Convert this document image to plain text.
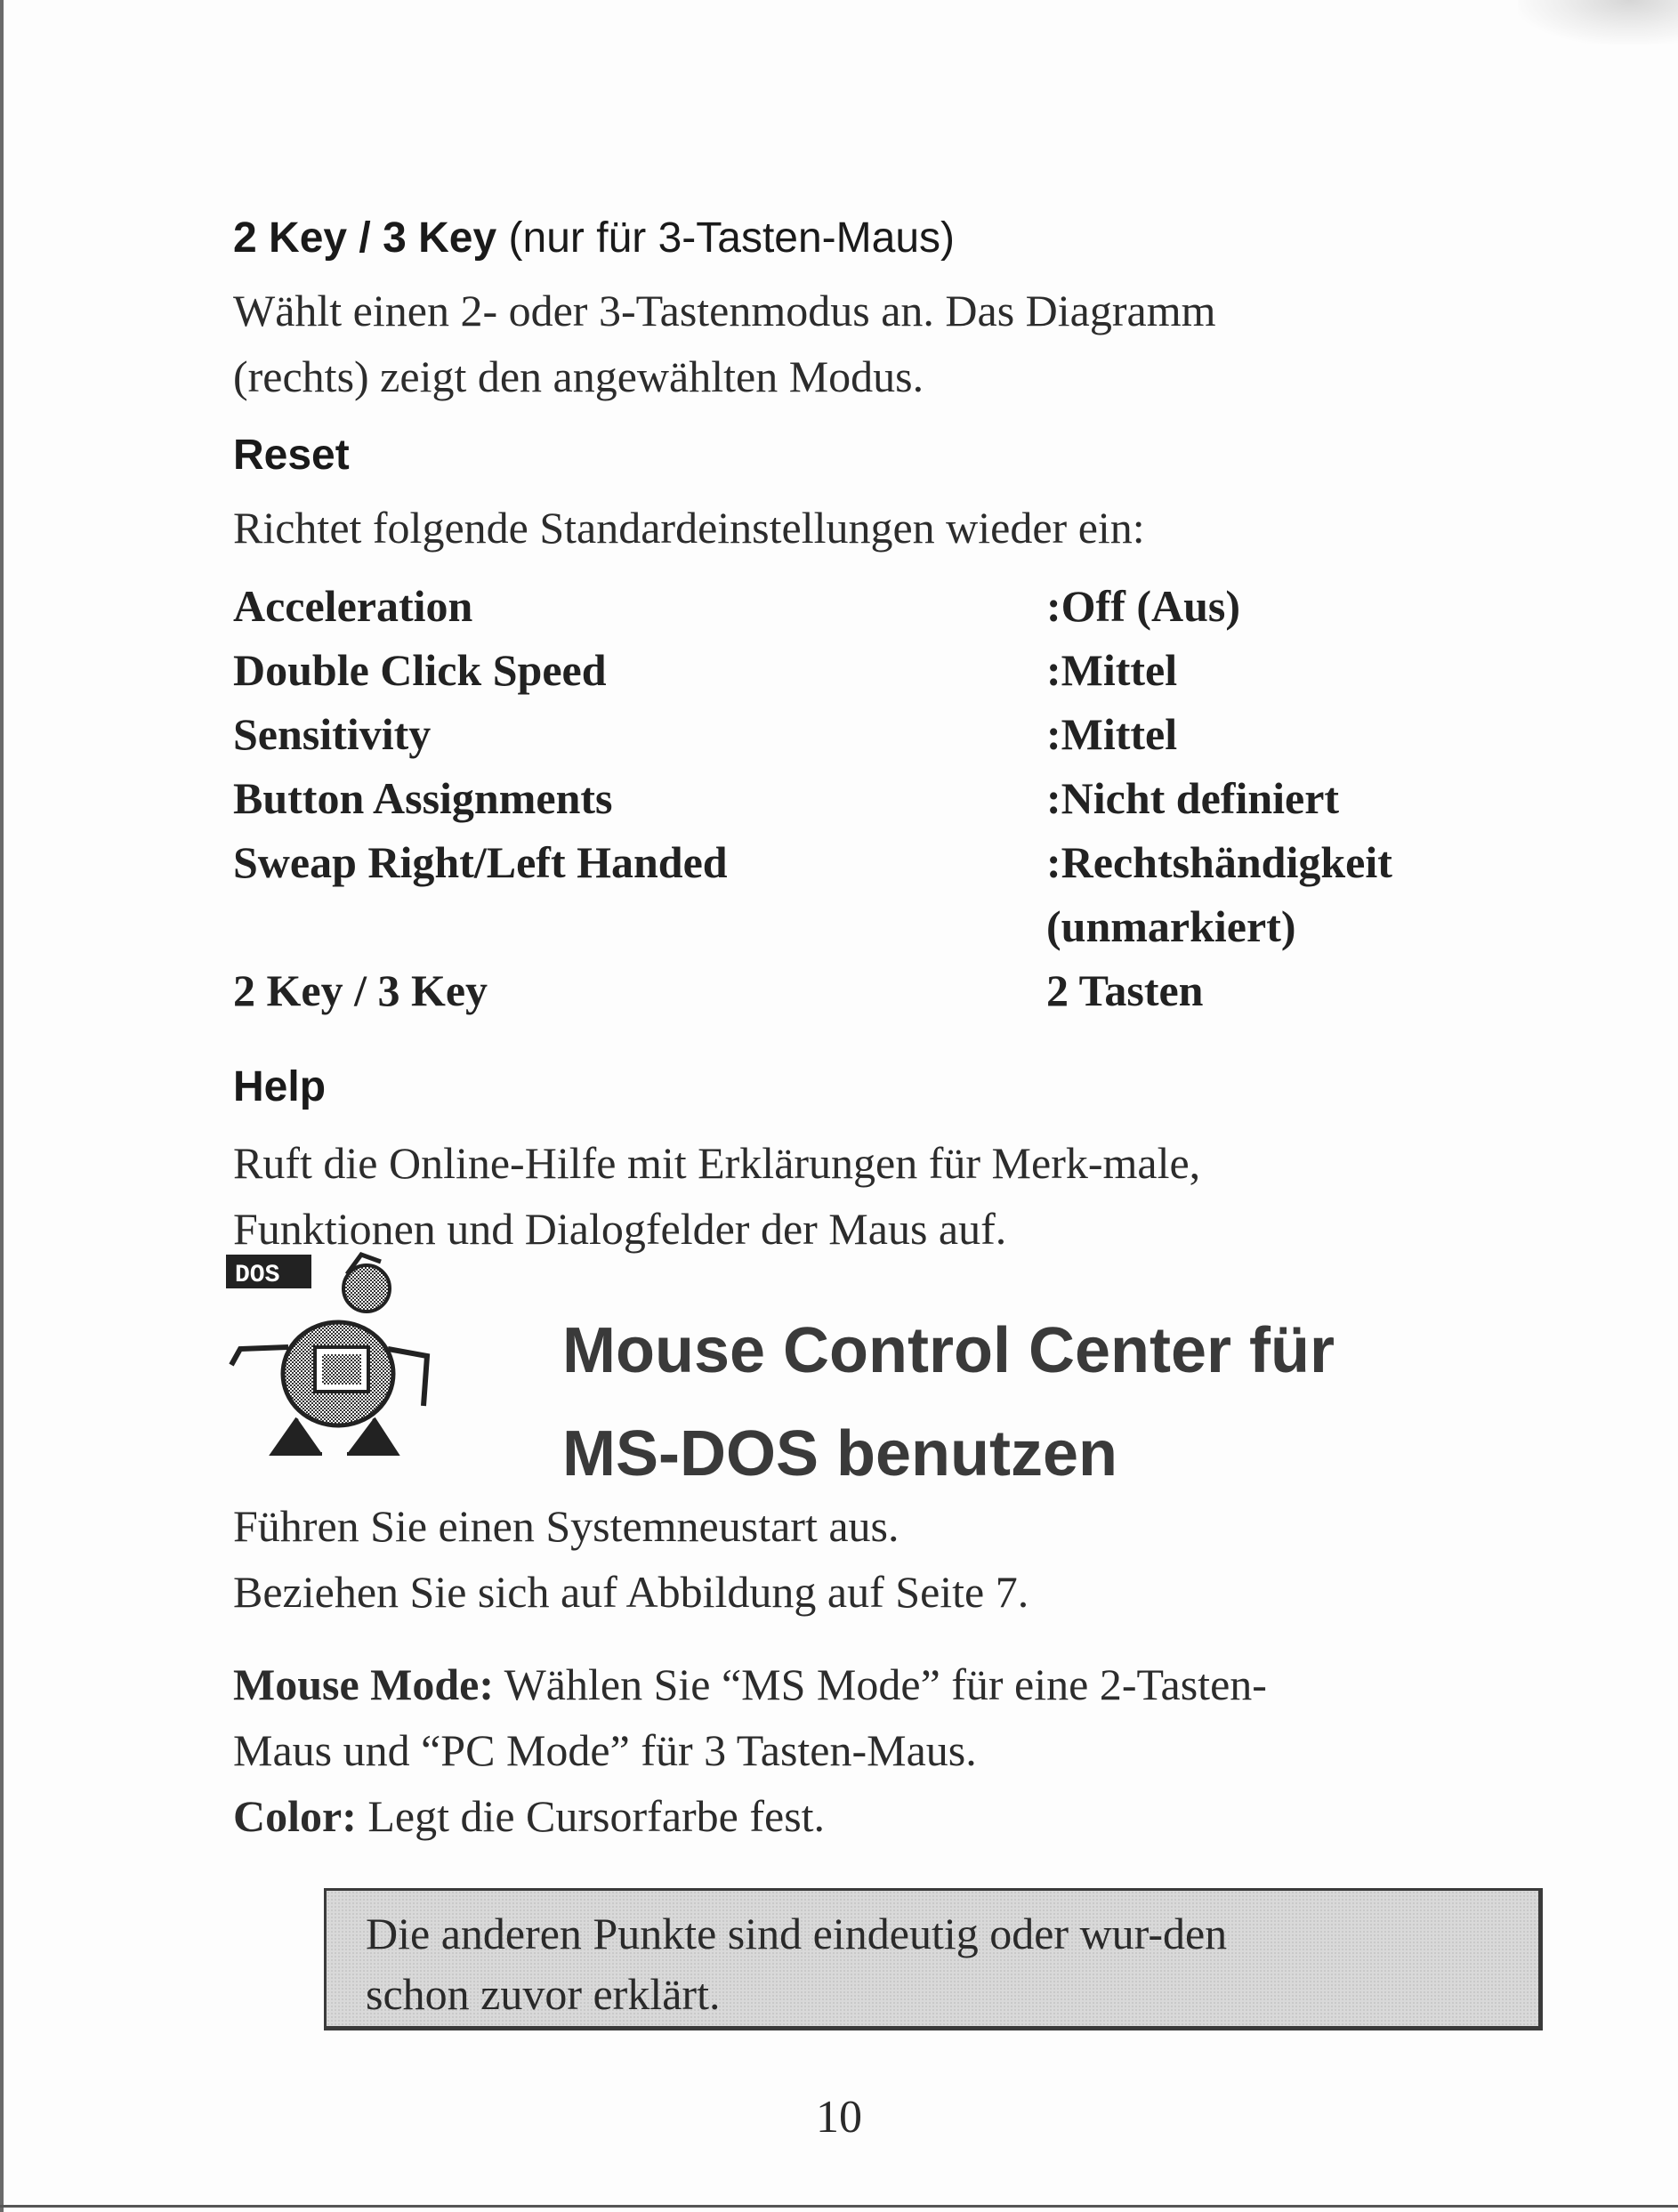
2 Key / 3 Key (nur für 3-Tasten-Maus)
Wählt einen 2- oder 3-Tastenmodus an. Das Diagramm
(rechts) zeigt den angewählten Modus.
Reset
Richtet folgende Standardeinstellungen wieder ein:
Acceleration	:Off (Aus)
Double Click Speed	:Mittel
Sensitivity	:Mittel
Button Assignments	:Nicht definiert
Sweap Right/Left Handed	:Rechtshändigkeit
(unmarkiert)
2 Key / 3 Key	2 Tasten
Help
Ruft die Online-Hilfe mit Erklärungen für Merk-male,
Funktionen und Dialogfelder der Maus auf.
DOS
Mouse Control Center für
MS-DOS benutzen
Führen Sie einen Systemneustart aus.
Beziehen Sie sich auf Abbildung auf Seite 7.
Mouse Mode: Wählen Sie “MS Mode” für eine 2-Tasten-
Maus und “PC Mode” für 3 Tasten-Maus.
Color: Legt die Cursorfarbe fest.
Die anderen Punkte sind eindeutig oder wur-den
schon zuvor erklärt.
10
